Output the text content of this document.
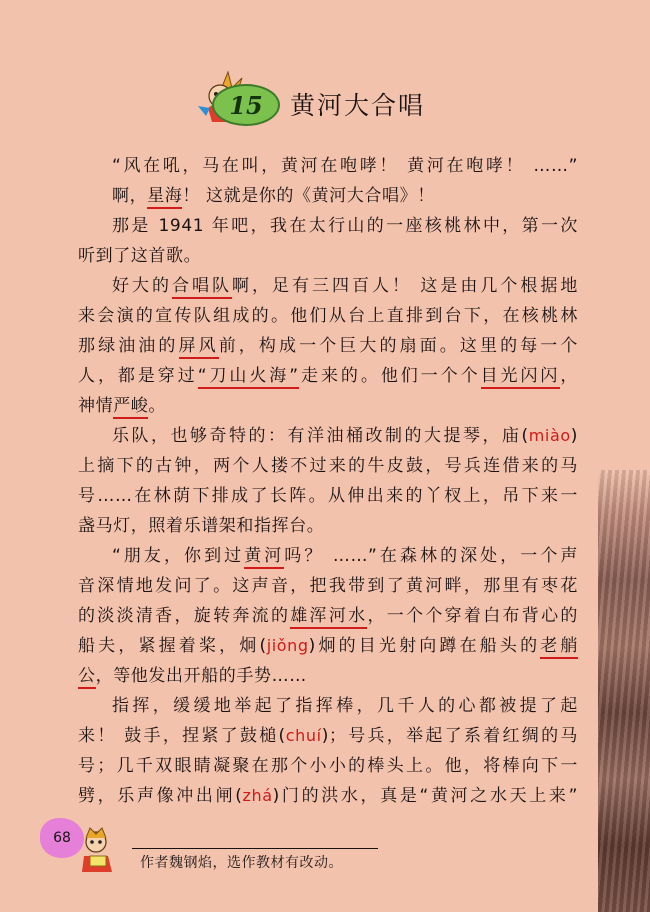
15 黄河大合唱
“风在吼，马在叫，黄河在咆哮！ 黄河在咆哮！ ……”
啊，星海！ 这就是你的《黄河大合唱》！
那是 1941 年吧，我在太行山的一座核桃林中，第一次
听到了这首歌。
好大的合唱队啊，足有三四百人！ 这是由几个根据地
来会演的宣传队组成的。他们从台上直排到台下，在核桃林
那绿油油的屏风前，构成一个巨大的扇面。这里的每一个
人，都是穿过“刀山火海”走来的。他们一个个目光闪闪，
神情严峻。
乐队，也够奇特的：有洋油桶改制的大提琴，庙(miào)
上摘下的古钟，两个人搂不过来的牛皮鼓，号兵连借来的马
号……在林荫下排成了长阵。从伸出来的丫杈上，吊下来一
盏马灯，照着乐谱架和指挥台。
“朋友，你到过黄河吗？ ……”在森林的深处，一个声
音深情地发问了。这声音，把我带到了黄河畔，那里有枣花
的淡淡清香，旋转奔流的雄浑河水，一个个穿着白布背心的
船夫，紧握着桨，炯(jiǒng)炯的目光射向蹲在船头的老艄
公，等他发出开船的手势……
指挥，缓缓地举起了指挥棒，几千人的心都被提了起
来！ 鼓手，捏紧了鼓槌(chuí)；号兵，举起了系着红绸的马
号；几千双眼睛凝聚在那个小小的棒头上。他，将棒向下一
劈，乐声像冲出闸(zhá)门的洪水，真是“黄河之水天上来”
68
作者魏钢焰，选作教材有改动。
